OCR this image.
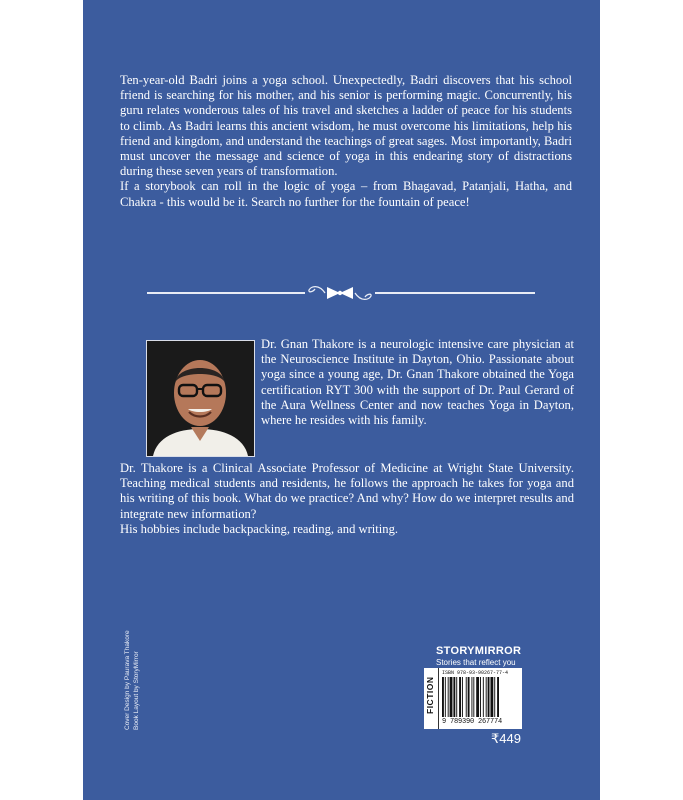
Ten-year-old Badri joins a yoga school. Unexpectedly, Badri discovers that his school friend is searching for his mother, and his senior is performing magic. Concurrently, his guru relates wonderous tales of his travel and sketches a ladder of peace for his students to climb. As Badri learns this ancient wisdom, he must overcome his limitations, help his friend and kingdom, and understand the teachings of great sages. Most importantly, Badri must uncover the message and science of yoga in this endearing story of distractions during these seven years of transformation.

If a storybook can roll in the logic of yoga – from Bhagavad, Patanjali, Hatha, and Chakra - this would be it. Search no further for the fountain of peace!

Dr. Gnan Thakore is a neurologic intensive care physician at the Neuroscience Institute in Dayton, Ohio. Passionate about yoga since a young age, Dr. Gnan Thakore obtained the Yoga certification RYT 300 with the support of Dr. Paul Gerard of the Aura Wellness Center and now teaches Yoga in Dayton, where he resides with his family.

Dr. Thakore is a Clinical Associate Professor of Medicine at Wright State University. Teaching medical students and residents, he follows the approach he takes for yoga and his writing of this book. What do we practice? And why? How do we interpret results and integrate new information?

His hobbies include backpacking, reading, and writing.

Cover Design by Paurava Thakore Book Layout by StoryMirror
STORYMIRROR
Stories that reflect you
FICTION
ISBN 978-93-90267-77-4
9 789390 267774
₹449
